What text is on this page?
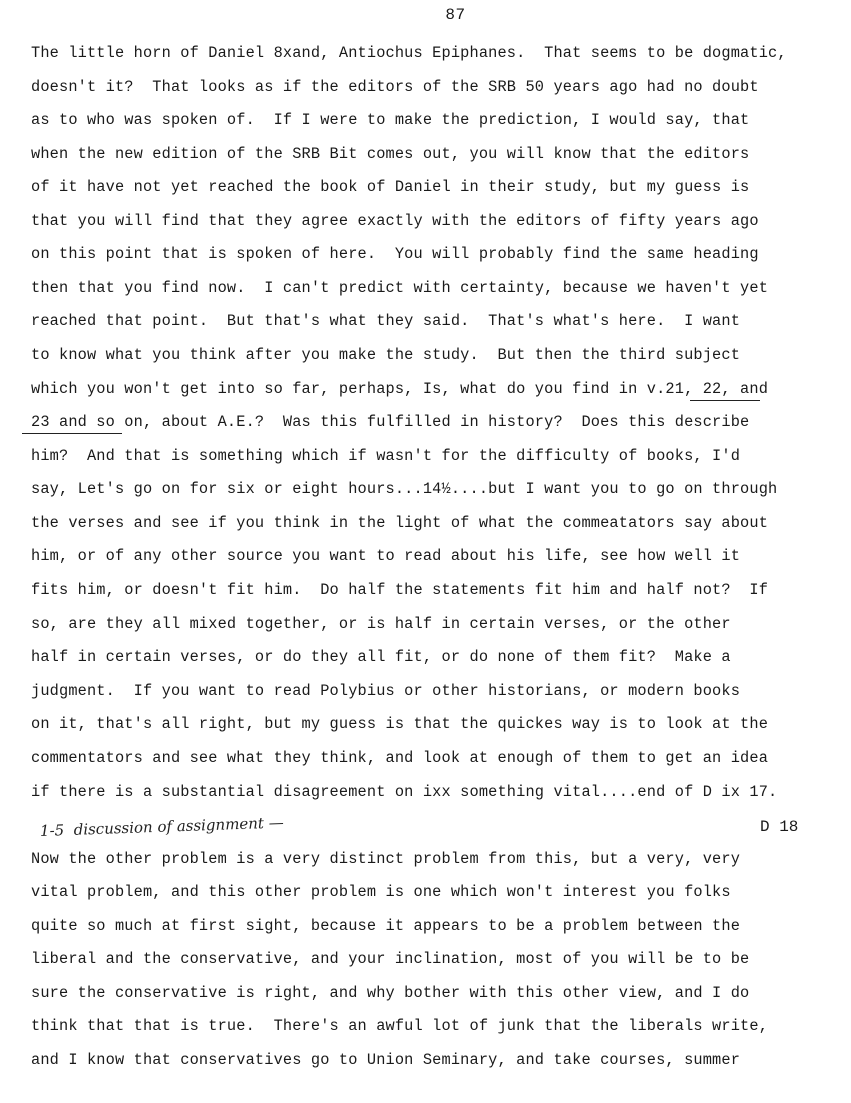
87
The little horn of Daniel 8xand, Antiochus Epiphanes.  That seems to be dogmatic,
doesn't it?  That looks as if the editors of the SRB 50 years ago had no doubt
as to who was spoken of.  If I were to make the prediction, I would say, that
when the new edition of the SRB Bit comes out, you will know that the editors
of it have not yet reached the book of Daniel in their study, but my guess is
that you will find that they agree exactly with the editors of fifty years ago
on this point that is spoken of here.  You will probably find the same heading
then that you find now.  I can't predict with certainty, because we haven't yet
reached that point.  But that's what they said.  That's what's here.  I want
to know what you think after you make the study.  But then the third subject
which you won't get into so far, perhaps, Is, what do you find in v.21, 22, and
23 and so on, about A.E.?  Was this fulfilled in history?  Does this describe
him?  And that is something which if wasn't for the difficulty of books, I'd
say, Let's go on for six or eight hours...14½....but I want you to go on through
the verses and see if you think in the light of what the commeatators say about
him, or of any other source you want to read about his life, see how well it
fits him, or doesn't fit him.  Do half the statements fit him and half not?  If
so, are they all mixed together, or is half in certain verses, or the other
half in certain verses, or do they all fit, or do none of them fit?  Make a
judgment.  If you want to read Polybius or other historians, or modern books
on it, that's all right, but my guess is that the quickes way is to look at the
commentators and see what they think, and look at enough of them to get an idea
if there is a substantial disagreement on ixx something vital....end of D ix 17.
D 18
1-5  discussion of assignment —
Now the other problem is a very distinct problem from this, but a very, very
vital problem, and this other problem is one which won't interest you folks
quite so much at first sight, because it appears to be a problem between the
liberal and the conservative, and your inclination, most of you will be to be
sure the conservative is right, and why bother with this other view, and I do
think that that is true.  There's an awful lot of junk that the liberals write,
and I know that conservatives go to Union Seminary, and take courses, summer
